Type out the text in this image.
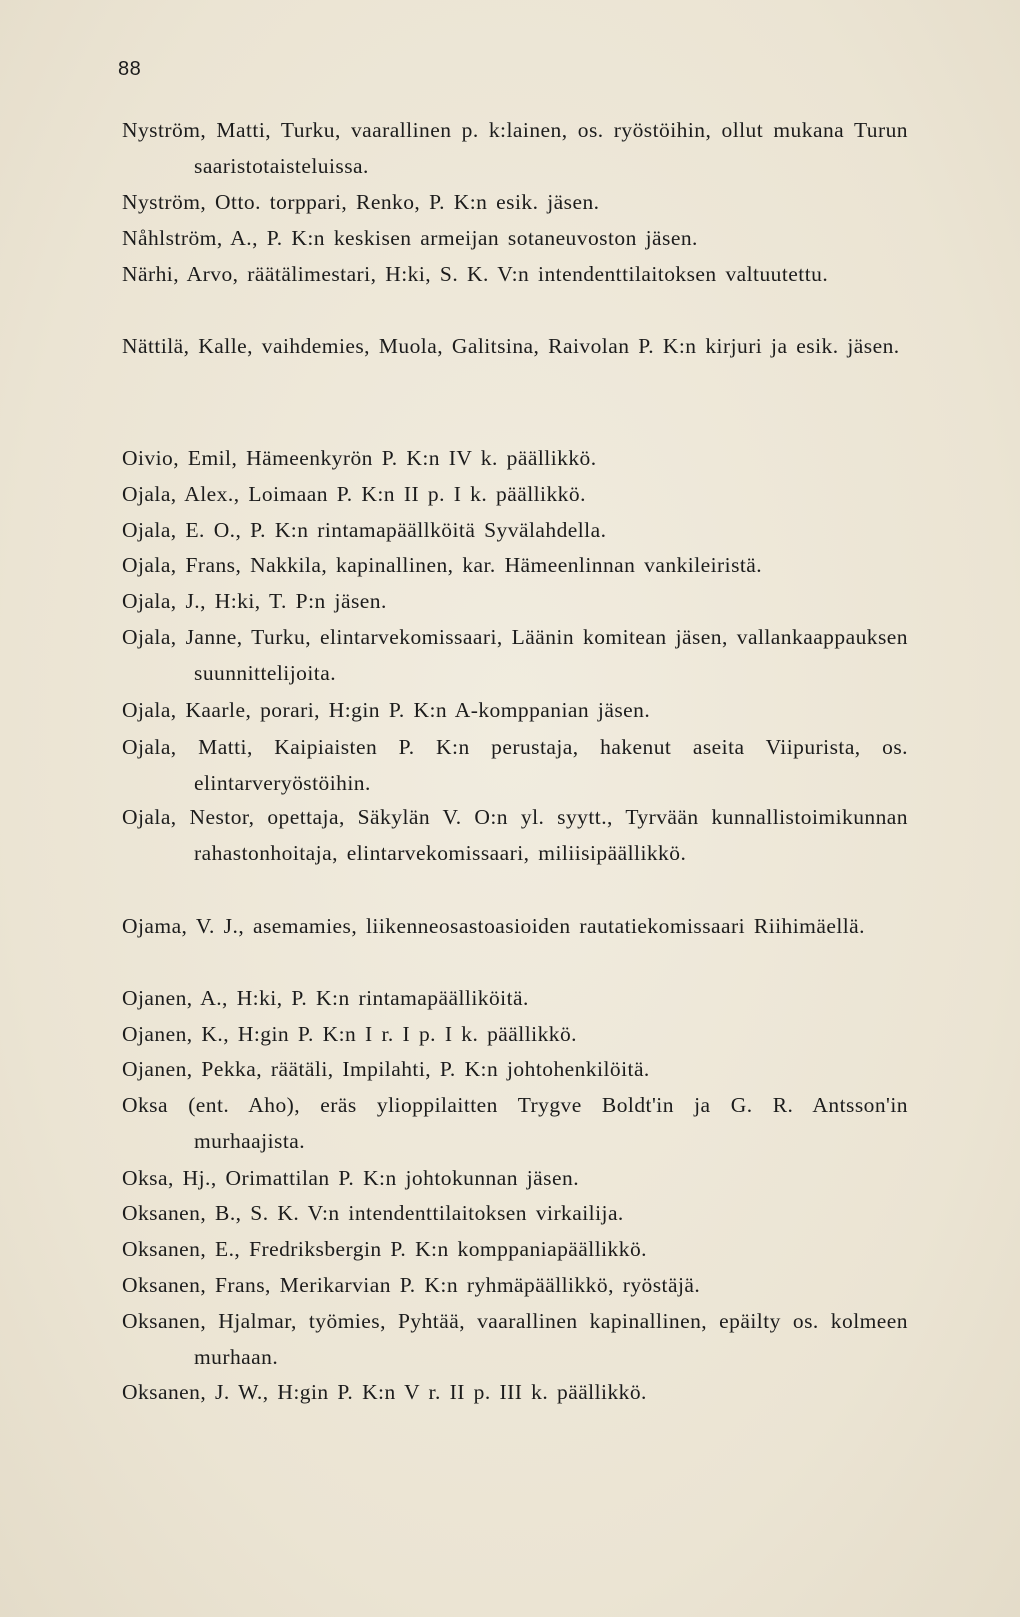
88

Nyström, Matti, Turku, vaarallinen p. k:lainen, os. ryöstöihin, ollut mukana Turun saaristotaisteluissa.

Nyström, Otto. torppari, Renko, P. K:n esik. jäsen.

Nåhlström, A., P. K:n keskisen armeijan sotaneuvoston jäsen.

Närhi, Arvo, räätälimestari, H:ki, S. K. V:n intendenttilaitoksen valtuutettu.

Nättilä, Kalle, vaihdemies, Muola, Galitsina, Raivolan P. K:n kirjuri ja esik. jäsen.

Oivio, Emil, Hämeenkyrön P. K:n IV k. päällikkö.

Ojala, Alex., Loimaan P. K:n II p. I k. päällikkö.

Ojala, E. O., P. K:n rintamapäällköitä Syvälahdella.

Ojala, Frans, Nakkila, kapinallinen, kar. Hämeenlinnan vankileiristä.

Ojala, J., H:ki, T. P:n jäsen.

Ojala, Janne, Turku, elintarvekomissaari, Läänin komitean jäsen, vallankaappauksen suunnittelijoita.

Ojala, Kaarle, porari, H:gin P. K:n A-komppanian jäsen.

Ojala, Matti, Kaipiaisten P. K:n perustaja, hakenut aseita Viipurista, os. elintarveryöstöihin.

Ojala, Nestor, opettaja, Säkylän V. O:n yl. syytt., Tyrvään kunnallistoimikunnan rahastonhoitaja, elintarvekomissaari, miliisipäällikkö.

Ojama, V. J., asemamies, liikenneosastoasioiden rautatiekomissaari Riihimäellä.

Ojanen, A., H:ki, P. K:n rintamapäälliköitä.

Ojanen, K., H:gin P. K:n I r. I p. I k. päällikkö.

Ojanen, Pekka, räätäli, Impilahti, P. K:n johtohenkilöitä.

Oksa (ent. Aho), eräs ylioppilaitten Trygve Boldt'in ja G. R. Antsson'in murhaajista.

Oksa, Hj., Orimattilan P. K:n johtokunnan jäsen.

Oksanen, B., S. K. V:n intendenttilaitoksen virkailija.

Oksanen, E., Fredriksbergin P. K:n komppaniapäällikkö.

Oksanen, Frans, Merikarvian P. K:n ryhmäpäällikkö, ryöstäjä.

Oksanen, Hjalmar, työmies, Pyhtää, vaarallinen kapinallinen, epäilty os. kolmeen murhaan.

Oksanen, J. W., H:gin P. K:n V r. II p. III k. päällikkö.
